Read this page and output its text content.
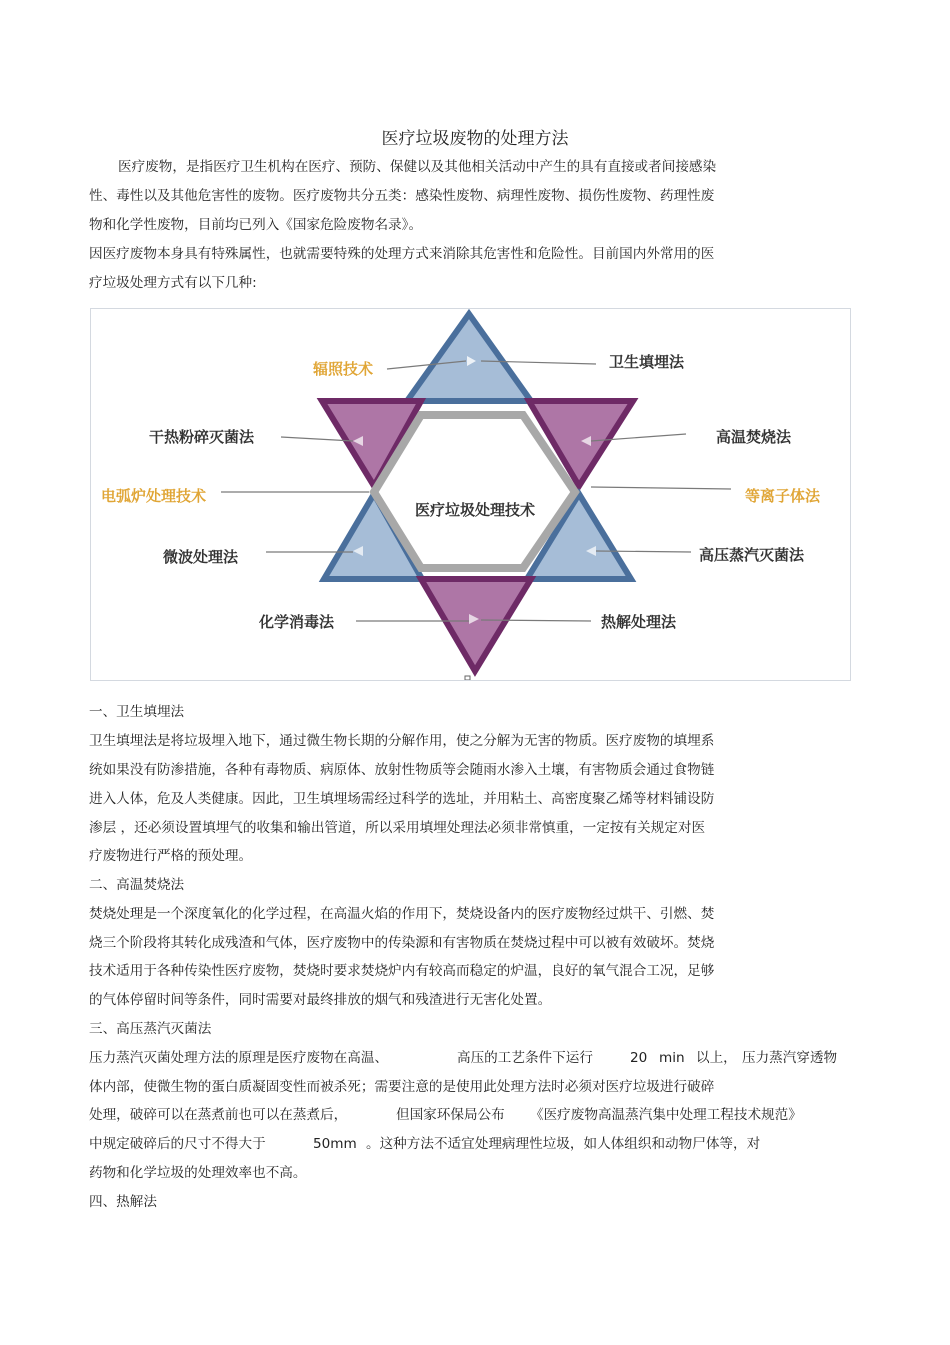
医疗垃圾废物的处理方法
医疗废物，是指医疗卫生机构在医疗、预防、保健以及其他相关活动中产生的具有直接或者间接感染
性、毒性以及其他危害性的废物。医疗废物共分五类：感染性废物、病理性废物、损伤性废物、药理性废
物和化学性废物，目前均已列入《国家危险废物名录》。
因医疗废物本身具有特殊属性，也就需要特殊的处理方式来消除其危害性和危险性。目前国内外常用的医
疗垃圾处理方式有以下几种:
医疗垃圾处理技术
辐照技术	卫生填埋法
干热粉碎灭菌法	高温焚烧法
电弧炉处理技术	等离子体法
微波处理法	高压蒸汽灭菌法
化学消毒法	热解处理法
一、卫生填埋法
卫生填埋法是将垃圾埋入地下，通过微生物长期的分解作用，使之分解为无害的物质。医疗废物的填埋系
统如果没有防渗措施，各种有毒物质、病原体、放射性物质等会随雨水渗入土壤，有害物质会通过食物链
进入人体，危及人类健康。因此，卫生填埋场需经过科学的选址，并用粘土、高密度聚乙烯等材料铺设防
渗层 ，还必须设置填埋气的收集和输出管道，所以采用填埋处理法必须非常慎重，一定按有关规定对医
疗废物进行严格的预处理。
二、高温焚烧法
焚烧处理是一个深度氧化的化学过程，在高温火焰的作用下，焚烧设备内的医疗废物经过烘干、引燃、焚
烧三个阶段将其转化成残渣和气体，医疗废物中的传染源和有害物质在焚烧过程中可以被有效破坏。焚烧
技术适用于各种传染性医疗废物，焚烧时要求焚烧炉内有较高而稳定的炉温，良好的氧气混合工况，足够
的气体停留时间等条件，同时需要对最终排放的烟气和残渣进行无害化处置。
三、高压蒸汽灭菌法
压力蒸汽灭菌处理方法的原理是医疗废物在高温、	高压的工艺条件下运行	20 min 以上， 压力蒸汽穿透物
体内部，使微生物的蛋白质凝固变性而被杀死；需要注意的是使用此处理方法时必须对医疗垃圾进行破碎
处理，破碎可以在蒸煮前也可以在蒸煮后，	但国家环保局公布 《医疗废物高温蒸汽集中处理工程技术规范》
中规定破碎后的尺寸不得大于	50mm 。这种方法不适宜处理病理性垃圾，如人体组织和动物尸体等，对
药物和化学垃圾的处理效率也不高。
四、热解法
